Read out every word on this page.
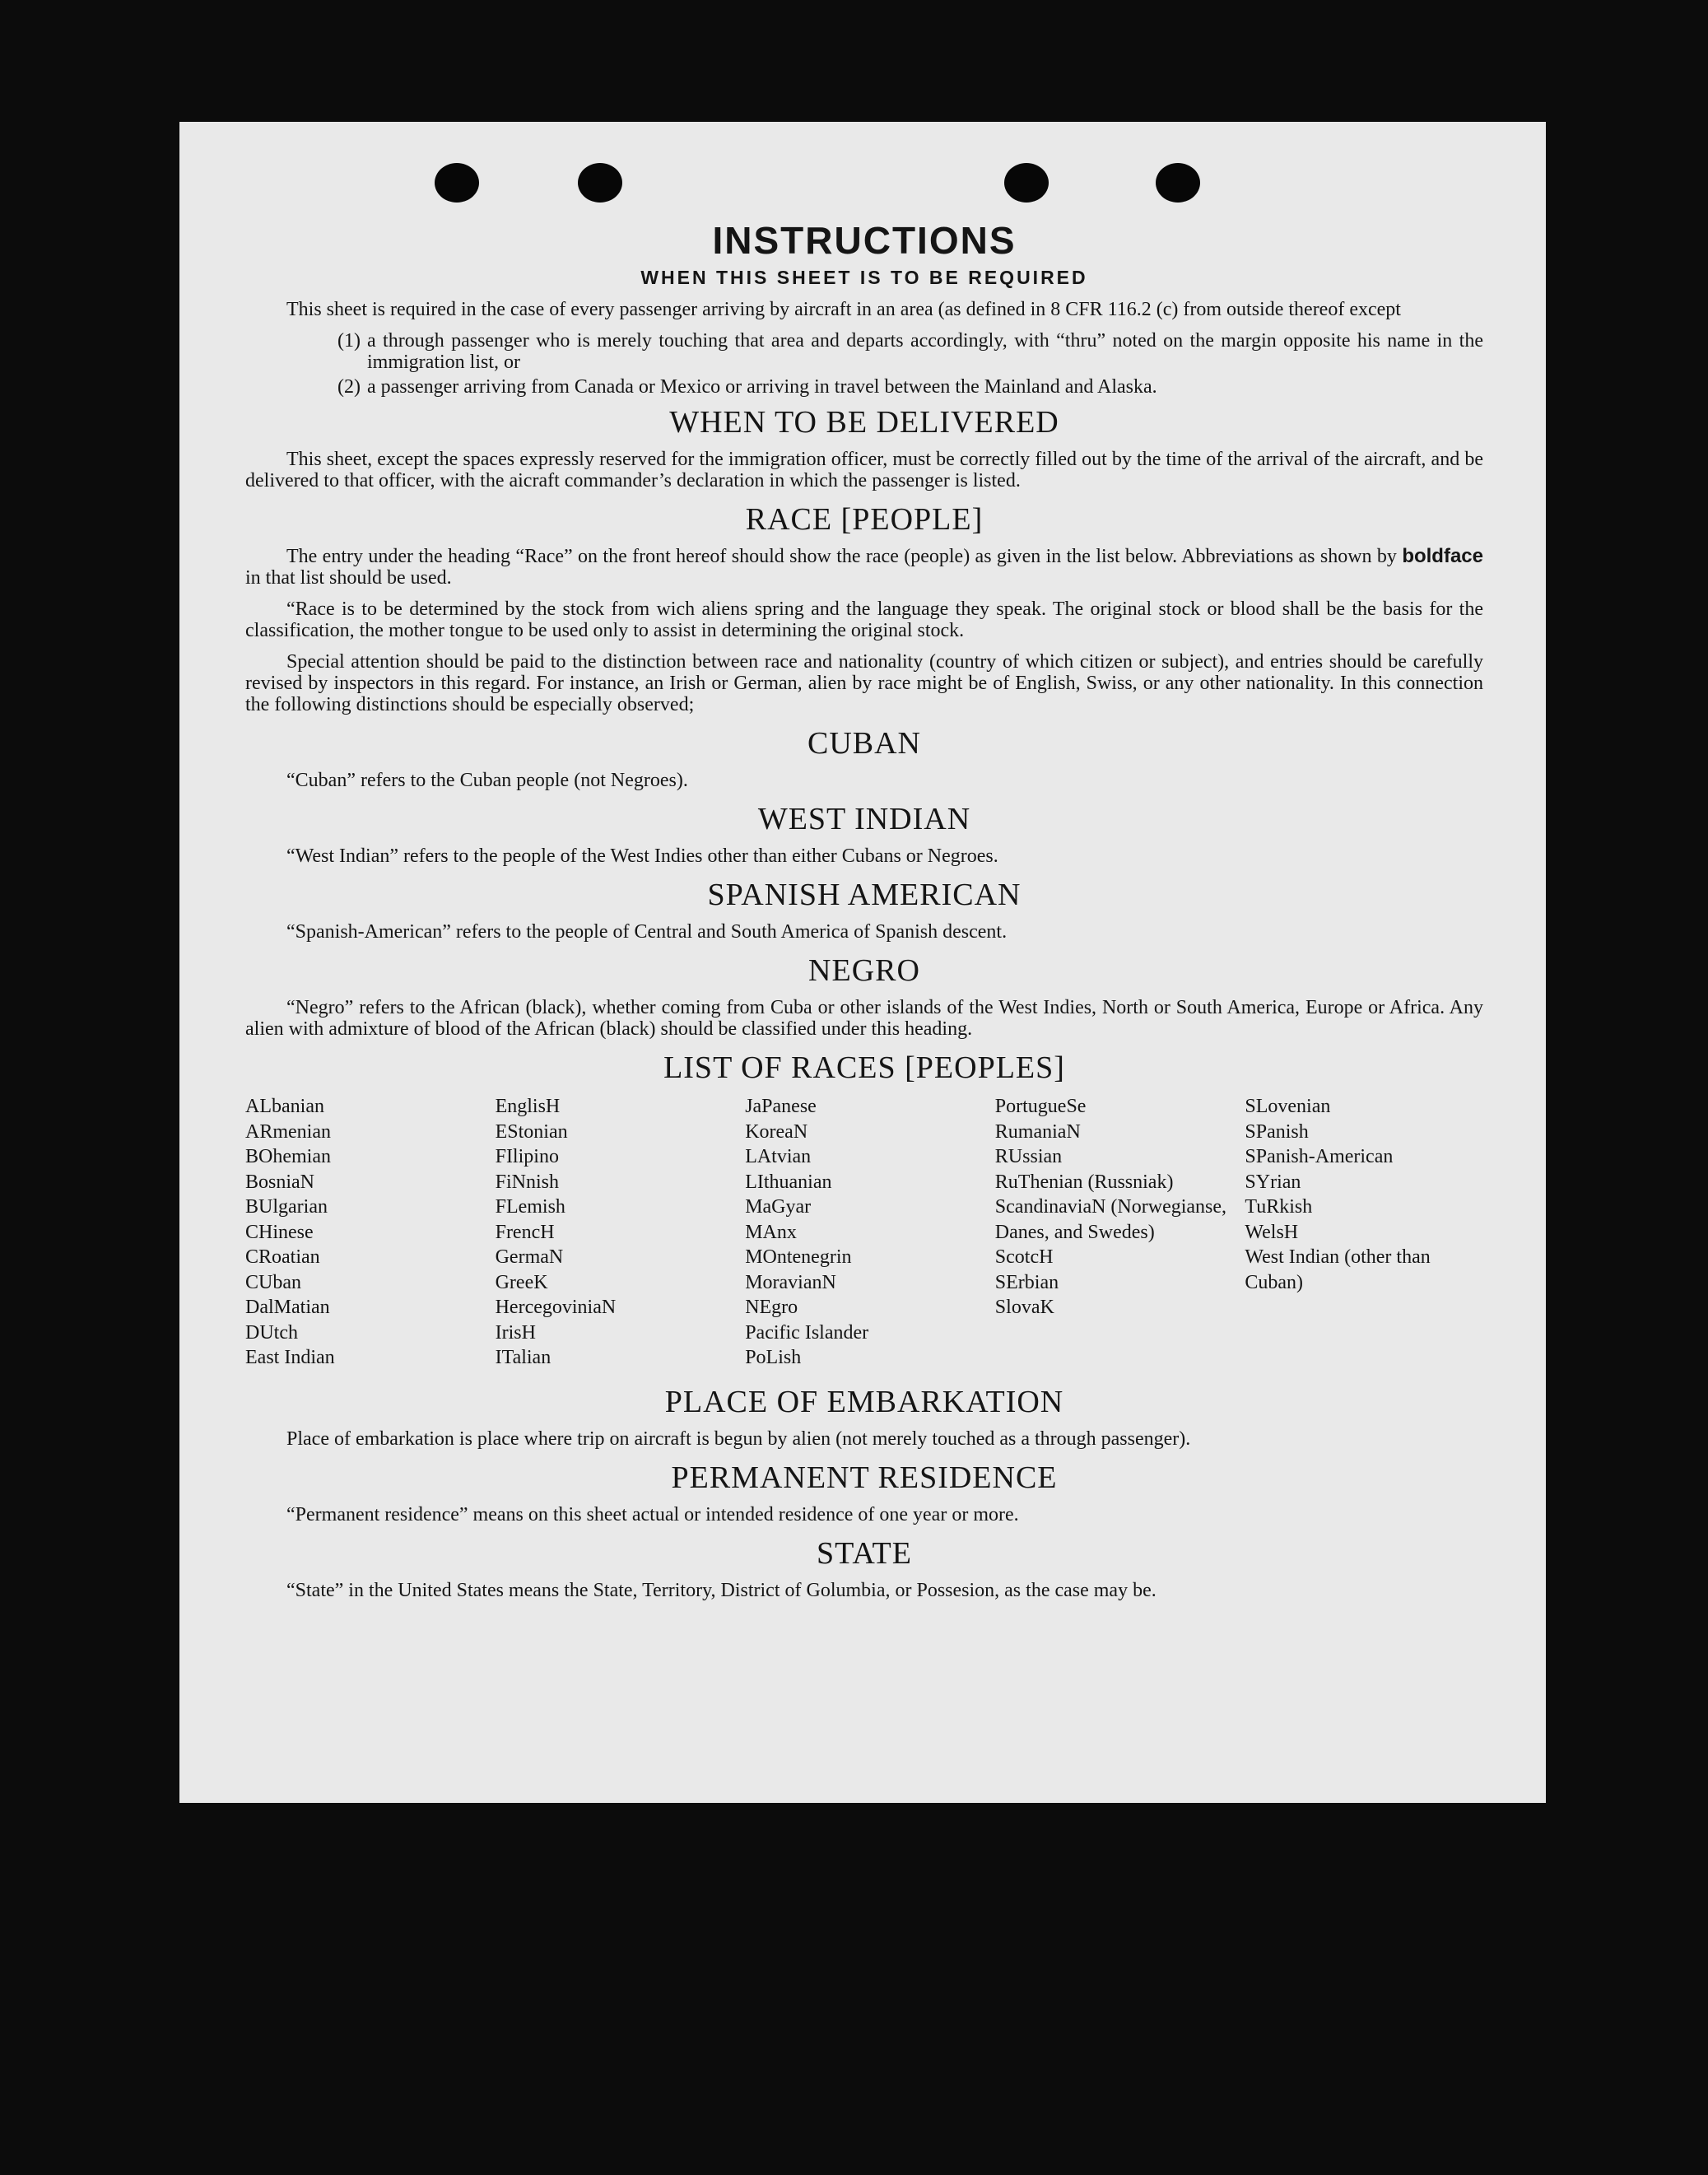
INSTRUCTIONS
WHEN THIS SHEET IS TO BE REQUIRED

This sheet is required in the case of every passenger arriving by aircraft in an area (as defined in 8 CFR 116.2 (c) from outside thereof except

(1) a through passenger who is merely touching that area and departs accordingly, with “thru” noted on the margin opposite his name in the immigration list, or

(2) a passenger arriving from Canada or Mexico or arriving in travel between the Mainland and Alaska.

WHEN TO BE DELIVERED

This sheet, except the spaces expressly reserved for the immigration officer, must be correctly filled out by the time of the arrival of the aircraft, and be delivered to that officer, with the aicraft commander’s declaration in which the passenger is listed.

RACE [PEOPLE]

The entry under the heading “Race” on the front hereof should show the race (people) as given in the list below. Abbreviations as shown by boldface in that list should be used.

“Race is to be determined by the stock from wich aliens spring and the language they speak. The original stock or blood shall be the basis for the classification, the mother tongue to be used only to assist in determining the original stock.

Special attention should be paid to the distinction between race and nationality (country of which citizen or subject), and entries should be carefully revised by inspectors in this regard. For instance, an Irish or German, alien by race might be of English, Swiss, or any other nationality. In this connection the following distinctions should be especially observed;

CUBAN

“Cuban” refers to the Cuban people (not Negroes).

WEST INDIAN

“West Indian” refers to the people of the West Indies other than either Cubans or Negroes.

SPANISH AMERICAN

“Spanish-American” refers to the people of Central and South America of Spanish descent.

NEGRO

“Negro” refers to the African (black), whether coming from Cuba or other islands of the West Indies, North or South America, Europe or Africa. Any alien with admixture of blood of the African (black) should be classified under this heading.

LIST OF RACES [PEOPLES]
ALbanian
ARmenian
BOhemian
BosniaN
BUlgarian
CHinese
CRoatian
CUban
DalMatian
DUtch
East Indian
EnglisH
EStonian
FIlipino
FiNnish
FLemish
FrencH
GermaN
GreeK
HercegoviniaN
IrisH
ITalian
JaPanese
KoreaN
LAtvian
LIthuanian
MaGyar
MAnx
MOntenegrin
MoravianN
NEgro
Pacific Islander
PoLish
PortugueSe
RumaniaN
RUssian
RuThenian (Russniak)
ScandinaviaN (Norwegianse, Danes, and Swedes)
ScotcH
SErbian
SlovaK
SLovenian
SPanish
SPanish-American
SYrian
TuRkish
WelsH
West Indian (other than Cuban)
PLACE OF EMBARKATION

Place of embarkation is place where trip on aircraft is begun by alien (not merely touched as a through passenger).

PERMANENT RESIDENCE

“Permanent residence” means on this sheet actual or intended residence of one year or more.

STATE

“State” in the United States means the State, Territory, District of Golumbia, or Possesion, as the case may be.
